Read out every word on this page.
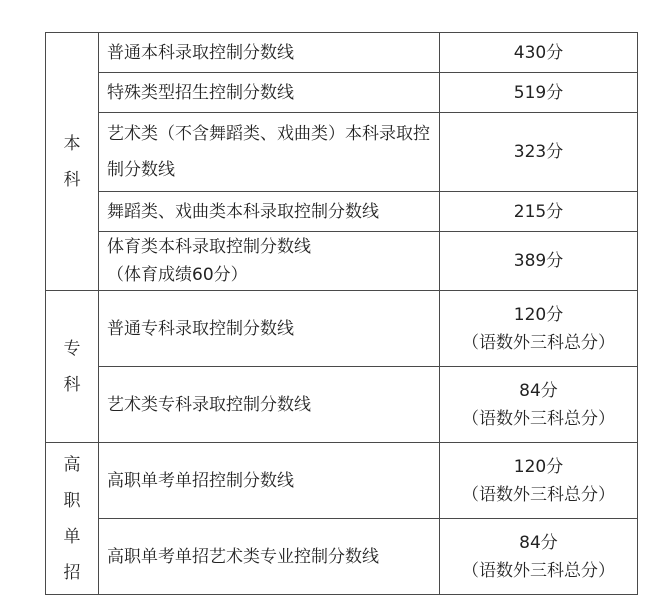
本
科	普通本科录取控制分数线	430分
	特殊类型招生控制分数线	519分
	艺术类（不含舞蹈类、戏曲类）本科录取控制分数线	323分
	舞蹈类、戏曲类本科录取控制分数线	215分

	体育类本科录取控制分数线
（体育成绩60分）	389分

专
科	普通专科录取控制分数线	120分
（语数外三科总分）

	艺术类专科录取控制分数线	84分
（语数外三科总分）

高
职
单
招	高职单考单招控制分数线	120分
（语数外三科总分）

	高职单考单招艺术类专业控制分数线	84分
（语数外三科总分）
